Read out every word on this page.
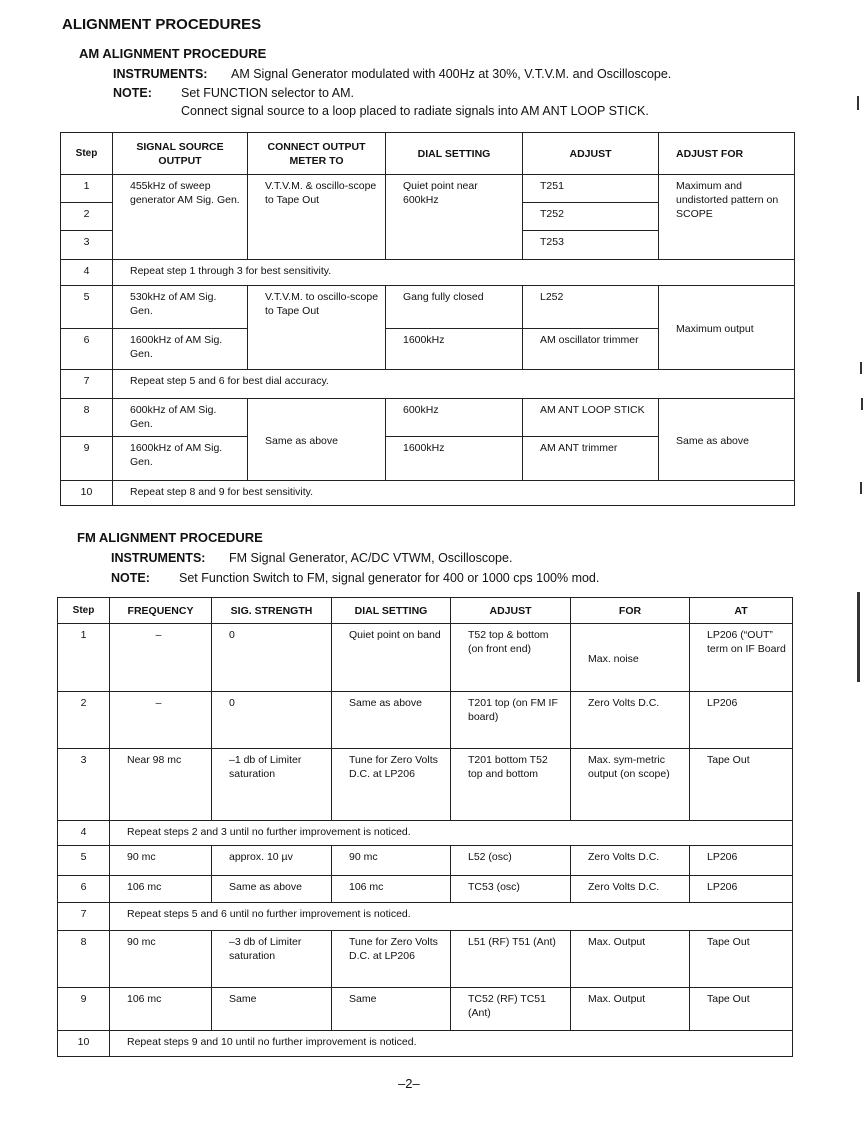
ALIGNMENT PROCEDURES
AM ALIGNMENT PROCEDURE
INSTRUMENTS: AM Signal Generator modulated with 400Hz at 30%, V.T.V.M. and Oscilloscope.
NOTE: Set FUNCTION selector to AM.
Connect signal source to a loop placed to radiate signals into AM ANT LOOP STICK.
Step	SIGNAL SOURCE OUTPUT	CONNECT OUTPUT METER TO	DIAL SETTING	ADJUST	ADJUST FOR
1	455kHz of sweep generator AM Sig. Gen.	V.T.V.M. & oscillo-scope to Tape Out	Quiet point near 600kHz	T251	Maximum and undistorted pattern on SCOPE
2				T252	
3				T253	
4	Repeat step 1 through 3 for best sensitivity.				
5	530kHz of AM Sig. Gen.	V.T.V.M. to oscillo-scope to Tape Out	Gang fully closed	L252	Maximum output
6	1600kHz of AM Sig. Gen.		1600kHz	AM oscillator trimmer	
7	Repeat step 5 and 6 for best dial accuracy.				
8	600kHz of AM Sig. Gen.	Same as above	600kHz	AM ANT LOOP STICK	Same as above
9	1600kHz of AM Sig. Gen.		1600kHz	AM ANT trimmer	
10	Repeat step 8 and 9 for best sensitivity.				
FM ALIGNMENT PROCEDURE
INSTRUMENTS: FM Signal Generator, AC/DC VTWM, Oscilloscope.
NOTE: Set Function Switch to FM, signal generator for 400 or 1000 cps 100% mod.
Step	FREQUENCY	SIG. STRENGTH	DIAL SETTING	ADJUST	FOR	AT
1	–	0	Quiet point on band	T52 top & bottom (on front end)	Max. noise	LP206 (“OUT” term on IF Board
2	–	0	Same as above	T201 top (on FM IF board)	Zero Volts D.C.	LP206
3	Near 98 mc	–1 db of Limiter saturation	Tune for Zero Volts D.C. at LP206	T201 bottom T52 top and bottom	Max. sym-metric output (on scope)	Tape Out
4	Repeat steps 2 and 3 until no further improvement is noticed.					
5	90 mc	approx. 10 µv	90 mc	L52 (osc)	Zero Volts D.C.	LP206
6	106 mc	Same as above	106 mc	TC53 (osc)	Zero Volts D.C.	LP206
7	Repeat steps 5 and 6 until no further improvement is noticed.					
8	90 mc	–3 db of Limiter saturation	Tune for Zero Volts D.C. at LP206	L51 (RF) T51 (Ant)	Max. Output	Tape Out
9	106 mc	Same	Same	TC52 (RF) TC51 (Ant)	Max. Output	Tape Out
10	Repeat steps 9 and 10 until no further improvement is noticed.					
–2–
